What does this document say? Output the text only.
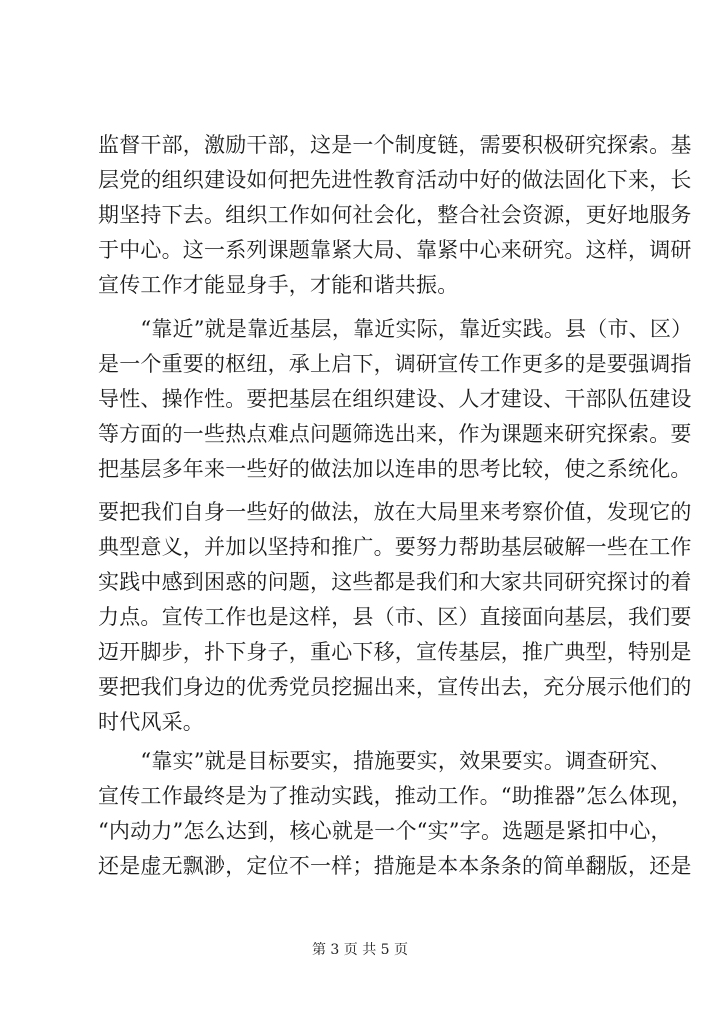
监督干部，激励干部，这是一个制度链，需要积极研究探索。基
层党的组织建设如何把先进性教育活动中好的做法固化下来，长
期坚持下去。组织工作如何社会化，整合社会资源，更好地服务
于中心。这一系列课题靠紧大局、靠紧中心来研究。这样，调研
宣传工作才能显身手，才能和谐共振。
　　“靠近”就是靠近基层，靠近实际，靠近实践。县（市、区）
是一个重要的枢纽，承上启下，调研宣传工作更多的是要强调指
导性、操作性。要把基层在组织建设、人才建设、干部队伍建设
等方面的一些热点难点问题筛选出来，作为课题来研究探索。要
把基层多年来一些好的做法加以连串的思考比较，使之系统化。
要把我们自身一些好的做法，放在大局里来考察价值，发现它的
典型意义，并加以坚持和推广。要努力帮助基层破解一些在工作
实践中感到困惑的问题，这些都是我们和大家共同研究探讨的着
力点。宣传工作也是这样，县（市、区）直接面向基层，我们要
迈开脚步，扑下身子，重心下移，宣传基层，推广典型，特别是
要把我们身边的优秀党员挖掘出来，宣传出去，充分展示他们的
时代风采。
　　“靠实”就是目标要实，措施要实，效果要实。调查研究、
宣传工作最终是为了推动实践，推动工作。“助推器”怎么体现，
“内动力”怎么达到，核心就是一个“实”字。选题是紧扣中心，
还是虚无飘渺，定位不一样；措施是本本条条的简单翻版，还是
第 3 页 共 5 页
